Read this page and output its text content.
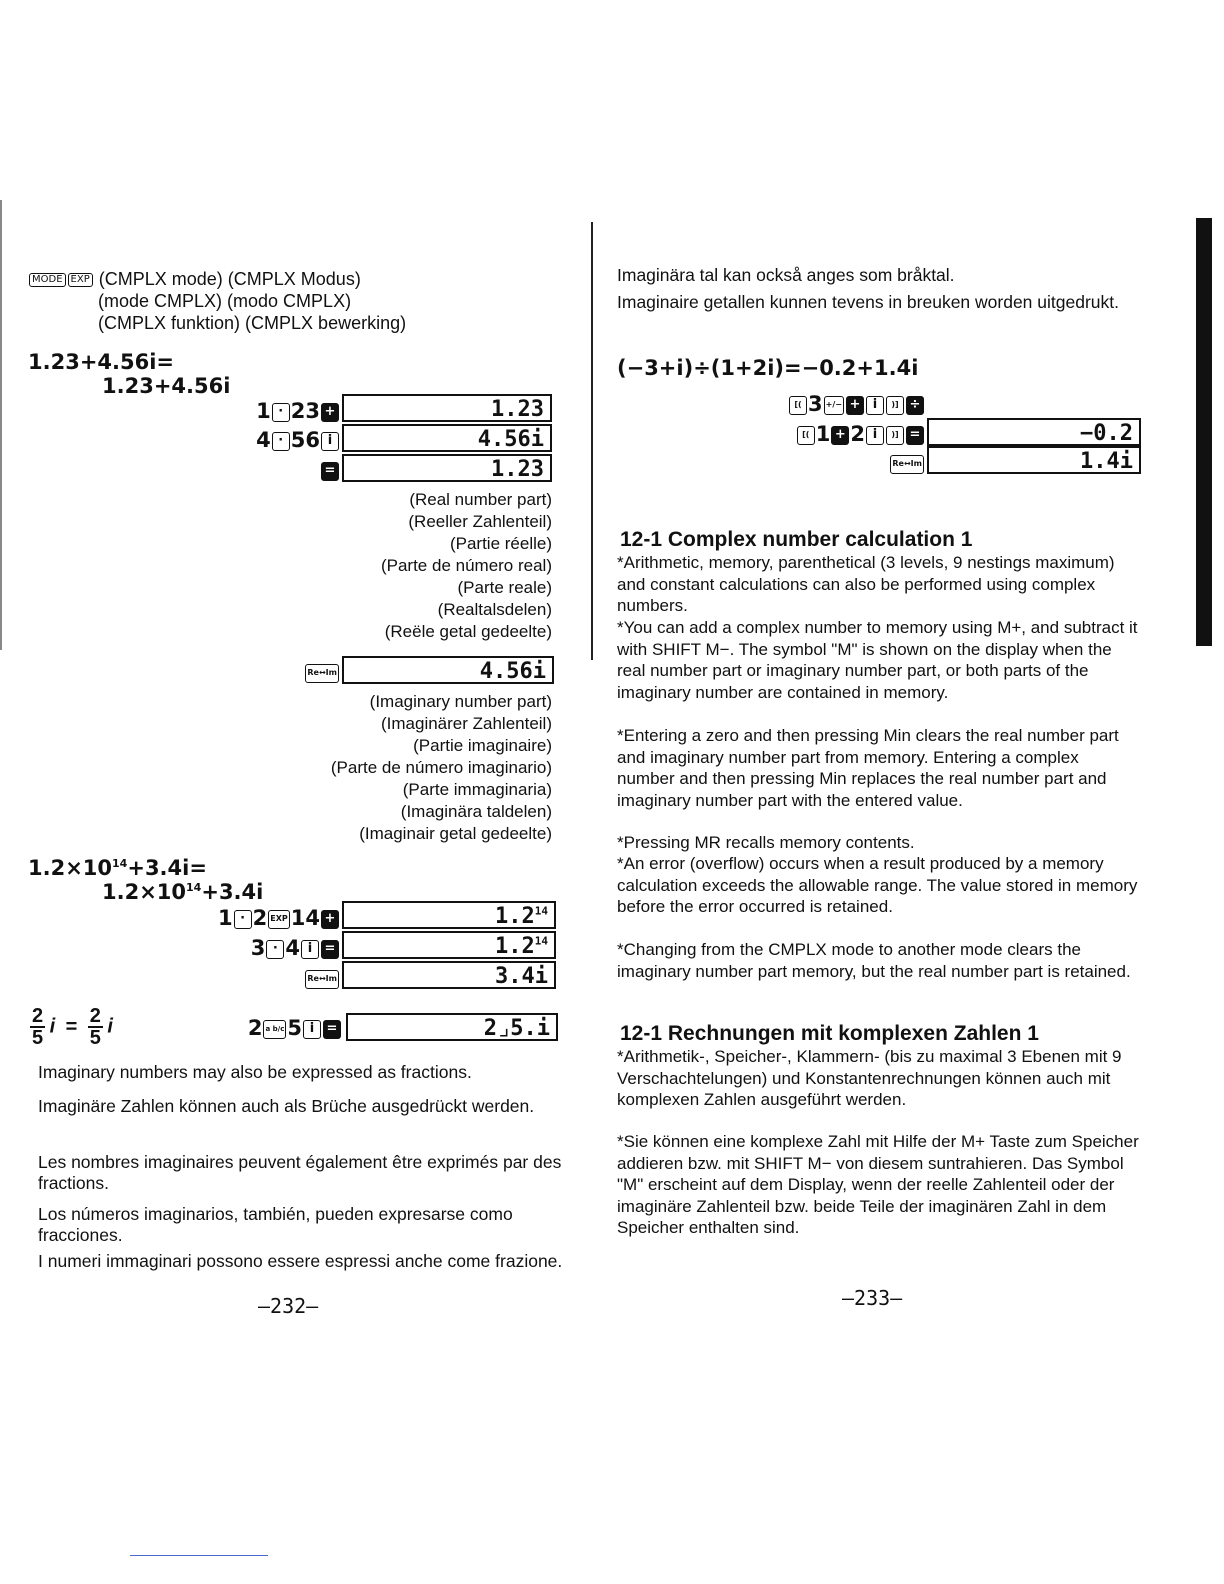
MODE EXP (CMPLX mode) (CMPLX Modus)
(mode CMPLX) (modo CMPLX)
(CMPLX funktion) (CMPLX bewerking)
1.23+4.56i=
1.23+4.56i
1 · 23 +	1.23
4 · 56 i	4.56i
=	1.23
(Real number part)
(Reeller Zahlenteil)
(Partie réelle)
(Parte de número real)
(Parte reale)
(Realtalsdelen)
(Reële getal gedeelte)
Re↔Im	4.56i
(Imaginary number part)
(Imaginärer Zahlenteil)
(Partie imaginaire)
(Parte de número imaginario)
(Parte immaginaria)
(Imaginära taldelen)
(Imaginair getal gedeelte)
$1.2\times 10^{14}+3.4i=$
$1.2\times 10^{14}+3.4i$
1 · 2 EXP 14 +	$1.2^{14}$
3 · 4 i =	$1.2^{14}$
Re↔Im	3.4i
$\frac{2}{5}$ $i = \frac{2}{5}$ i	2 a b/c 5 i =	2⌟5.i
Imaginary numbers may also be expressed as fractions.
Imaginäre Zahlen können auch als Brüche ausgedrückt werden.
Les nombres imaginaires peuvent également être exprimés par des fractions.
Los números imaginarios, también, pueden expresarse como fracciones.
I numeri immaginari possono essere espressi anche come frazione.
—232—
Imaginära tal kan också anges som bråktal.
Imaginaire getallen kunnen tevens in breuken worden uitgedrukt.
(−3+i)÷(1+2i)=−0.2+1.4i
[( 3 +/− + i )] ÷
[( 1 + 2 i )] =	−0.2
Re↔Im	1.4i
12-1 Complex number calculation 1
*Arithmetic, memory, parenthetical (3 levels, 9 nestings maximum) and constant calculations can also be performed using complex numbers.
*You can add a complex number to memory using M+, and subtract it with SHIFT M−. The symbol "M" is shown on the display when the real number part or imaginary number part, or both parts of the imaginary number are contained in memory.
*Entering a zero and then pressing Min clears the real number part and imaginary number part from memory. Entering a complex number and then pressing Min replaces the real number part and imaginary number part with the entered value.
*Pressing MR recalls memory contents.
*An error (overflow) occurs when a result produced by a memory calculation exceeds the allowable range. The value stored in memory before the error occurred is retained.
*Changing from the CMPLX mode to another mode clears the imaginary number part memory, but the real number part is retained.
12-1 Rechnungen mit komplexen Zahlen 1
*Arithmetik-, Speicher-, Klammern- (bis zu maximal 3 Ebenen mit 9 Verschachtelungen) und Konstantenrechnungen können auch mit komplexen Zahlen ausgeführt werden.
*Sie können eine komplexe Zahl mit Hilfe der M+ Taste zum Speicher addieren bzw. mit SHIFT M− von diesem suntrahieren. Das Symbol "M" erscheint auf dem Display, wenn der reelle Zahlenteil oder der imaginäre Zahlenteil bzw. beide Teile der imaginären Zahl in dem Speicher enthalten sind.
—233—
